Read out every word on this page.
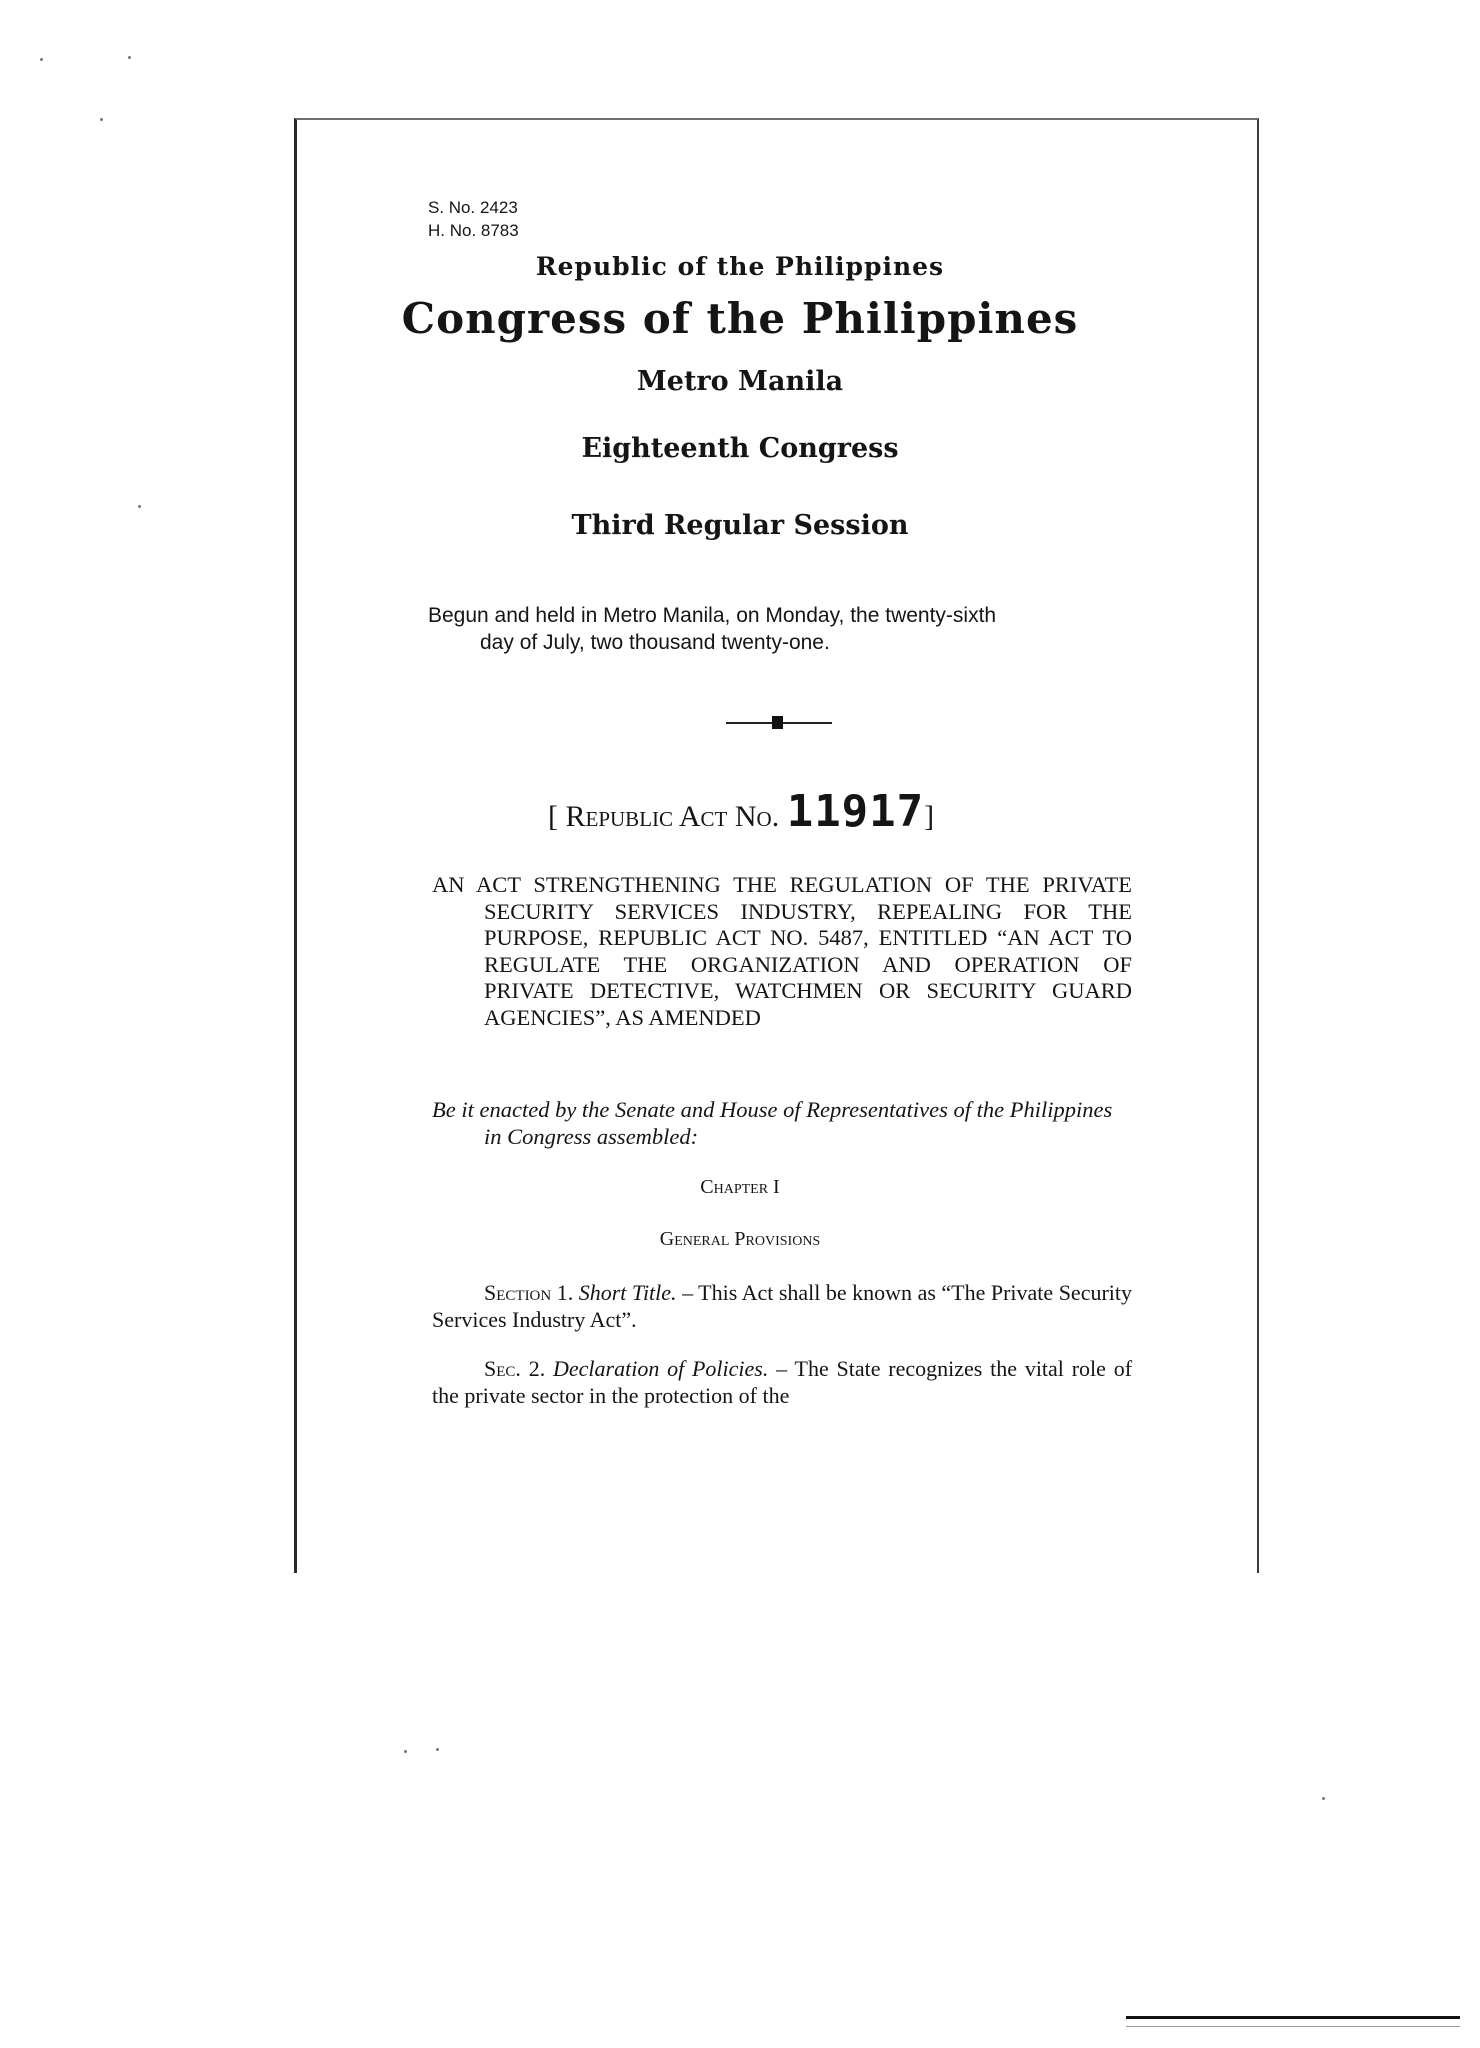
S. No. 2423
H. No. 8783
Republic of the Philippines
Congress of the Philippines
Metro Manila
Eighteenth Congress
Third Regular Session
Begun and held in Metro Manila, on Monday, the twenty-sixth
day of July, two thousand twenty-one.
[ Republic Act No. 11917]

AN ACT STRENGTHENING THE REGULATION OF THE PRIVATE SECURITY SERVICES INDUSTRY, REPEALING FOR THE PURPOSE, REPUBLIC ACT NO. 5487, ENTITLED “AN ACT TO REGULATE THE ORGANIZATION AND OPERATION OF PRIVATE DETECTIVE, WATCHMEN OR SECURITY GUARD AGENCIES”, AS AMENDED

Be it enacted by the Senate and House of Representatives of the Philippines in Congress assembled:
Chapter I
General Provisions
Section 1. Short Title. – This Act shall be known as “The Private Security Services Industry Act”.
Sec. 2. Declaration of Policies. – The State recognizes the vital role of the private sector in the protection of the
